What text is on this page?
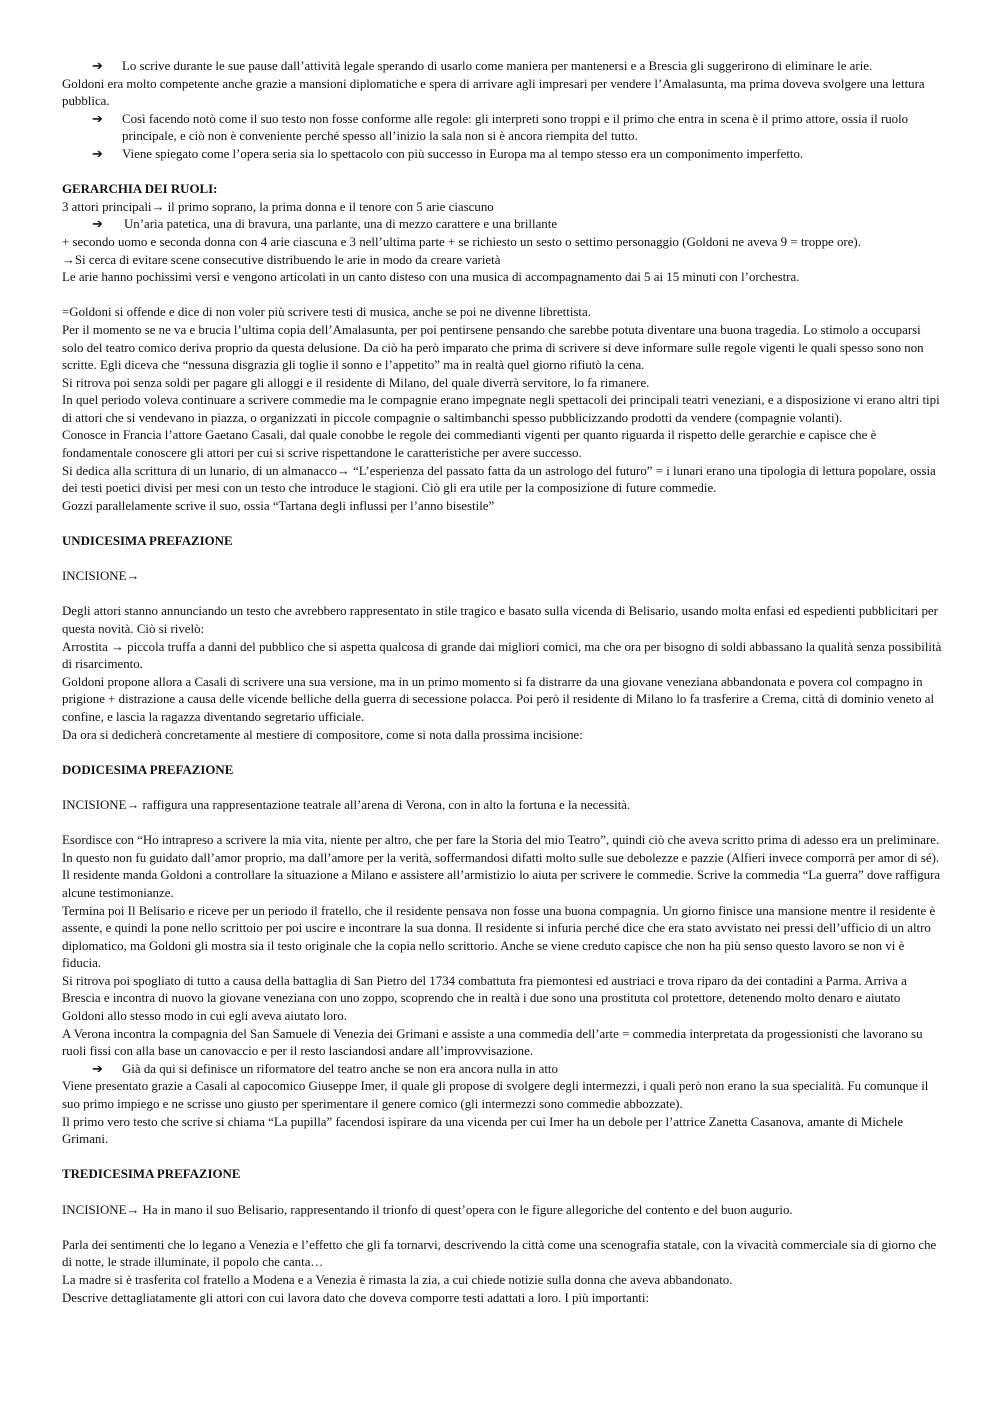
➔ Lo scrive durante le sue pause dall’attività legale sperando di usarlo come maniera per mantenersi e a Brescia gli suggerirono di eliminare le arie.

Goldoni era molto competente anche grazie a mansioni diplomatiche e spera di arrivare agli impresari per vendere l’Amalasunta, ma prima doveva svolgere una lettura pubblica.

➔ Così facendo notò come il suo testo non fosse conforme alle regole: gli interpreti sono troppi e il primo che entra in scena è il primo attore, ossia il ruolo principale, e ciò non è conveniente perché spesso all’inizio la sala non si è ancora riempita del tutto.
➔ Viene spiegato come l’opera seria sia lo spettacolo con più successo in Europa ma al tempo stesso era un componimento imperfetto.
GERARCHIA DEI RUOLI:

3 attori principali→ il primo soprano, la prima donna e il tenore con 5 arie ciascuno

➔ Un’aria patetica, una di bravura, una parlante, una di mezzo carattere e una brillante

+ secondo uomo e seconda donna con 4 arie ciascuna e 3 nell’ultima parte + se richiesto un sesto o settimo personaggio (Goldoni ne aveva 9 = troppe ore).

→Si cerca di evitare scene consecutive distribuendo le arie in modo da creare varietà

Le arie hanno pochissimi versi e vengono articolati in un canto disteso con una musica di accompagnamento dai 5 ai 15 minuti con l’orchestra.

=Goldoni si offende e dice di non voler più scrivere testi di musica, anche se poi ne divenne librettista.

Per il momento se ne va e brucia l’ultima copia dell’Amalasunta, per poi pentirsene pensando che sarebbe potuta diventare una buona tragedia. Lo stimolo a occuparsi solo del teatro comico deriva proprio da questa delusione. Da ciò ha però imparato che prima di scrivere si deve informare sulle regole vigenti le quali spesso sono non scritte. Egli diceva che “nessuna disgrazia gli toglie il sonno e l’appetito” ma in realtà quel giorno rifiutò la cena.

Si ritrova poi senza soldi per pagare gli alloggi e il residente di Milano, del quale diverrà servitore, lo fa rimanere.

In quel periodo voleva continuare a scrivere commedie ma le compagnie erano impegnate negli spettacoli dei principali teatri veneziani, e a disposizione vi erano altri tipi di attori che si vendevano in piazza, o organizzati in piccole compagnie o saltimbanchi spesso pubblicizzando prodotti da vendere (compagnie volanti).

Conosce in Francia l’attore Gaetano Casali, dal quale conobbe le regole dei commedianti vigenti per quanto riguarda il rispetto delle gerarchie e capisce che è fondamentale conoscere gli attori per cui si scrive rispettandone le caratteristiche per avere successo.

Si dedica alla scrittura di un lunario, di un almanacco→ “L’esperienza del passato fatta da un astrologo del futuro” = i lunari erano una tipologia di lettura popolare, ossia dei testi poetici divisi per mesi con un testo che introduce le stagioni. Ciò gli era utile per la composizione di future commedie.

Gozzi parallelamente scrive il suo, ossia “Tartana degli influssi per l’anno bisestile”

UNDICESIMA PREFAZIONE

INCISIONE→

Degli attori stanno annunciando un testo che avrebbero rappresentato in stile tragico e basato sulla vicenda di Belisario, usando molta enfasi ed espedienti pubblicitari per questa novità. Ciò si rivelò:

Arrostita → piccola truffa a danni del pubblico che si aspetta qualcosa di grande dai migliori comici, ma che ora per bisogno di soldi abbassano la qualità senza possibilità di risarcimento.

Goldoni propone allora a Casali di scrivere una sua versione, ma in un primo momento si fa distrarre da una giovane veneziana abbandonata e povera col compagno in prigione + distrazione a causa delle vicende belliche della guerra di secessione polacca. Poi però il residente di Milano lo fa trasferire a Crema, città di dominio veneto al confine, e lascia la ragazza diventando segretario ufficiale.

Da ora si dedicherà concretamente al mestiere di compositore, come si nota dalla prossima incisione:

DODICESIMA PREFAZIONE

INCISIONE→ raffigura una rappresentazione teatrale all’arena di Verona, con in alto la fortuna e la necessità.

Esordisce con “Ho intrapreso a scrivere la mia vita, niente per altro, che per fare la Storia del mio Teatro”, quindi ciò che aveva scritto prima di adesso era un preliminare. In questo non fu guidato dall’amor proprio, ma dall’amore per la verità, soffermandosi difatti molto sulle sue debolezze e pazzie (Alfieri invece comporrà per amor di sé).

Il residente manda Goldoni a controllare la situazione a Milano e assistere all’armistizio lo aiuta per scrivere le commedie. Scrive la commedia “La guerra” dove raffigura alcune testimonianze.

Termina poi Il Belisario e riceve per un periodo il fratello, che il residente pensava non fosse una buona compagnia. Un giorno finisce una mansione mentre il residente è assente, e quindi la pone nello scrittoio per poi uscire e incontrare la sua donna. Il residente si infuria perché dice che era stato avvistato nei pressi dell’ufficio di un altro diplomatico, ma Goldoni gli mostra sia il testo originale che la copia nello scrittorio. Anche se viene creduto capisce che non ha più senso questo lavoro se non vi è fiducia.

Si ritrova poi spogliato di tutto a causa della battaglia di San Pietro del 1734 combattuta fra piemontesi ed austriaci e trova riparo da dei contadini a Parma. Arriva a Brescia e incontra di nuovo la giovane veneziana con uno zoppo, scoprendo che in realtà i due sono una prostituta col protettore, detenendo molto denaro e aiutato Goldoni allo stesso modo in cui egli aveva aiutato loro.

A Verona incontra la compagnia del San Samuele di Venezia dei Grimani e assiste a una commedia dell’arte = commedia interpretata da progessionisti che lavorano su ruoli fissi con alla base un canovaccio e per il resto lasciandosi andare all’improvvisazione.

➔ Già da qui si definisce un riformatore del teatro anche se non era ancora nulla in atto

Viene presentato grazie a Casali al capocomico Giuseppe Imer, il quale gli propose di svolgere degli intermezzi, i quali però non erano la sua specialità. Fu comunque il suo primo impiego e ne scrisse uno giusto per sperimentare il genere comico (gli intermezzi sono commedie abbozzate).

Il primo vero testo che scrive si chiama “La pupilla” facendosi ispirare da una vicenda per cui Imer ha un debole per l’attrice Zanetta Casanova, amante di Michele Grimani.

TREDICESIMA PREFAZIONE

INCISIONE→ Ha in mano il suo Belisario, rappresentando il trionfo di quest’opera con le figure allegoriche del contento e del buon augurio.

Parla dei sentimenti che lo legano a Venezia e l’effetto che gli fa tornarvi, descrivendo la città come una scenografia statale, con la vivacità commerciale sia di giorno che di notte, le strade illuminate, il popolo che canta…

La madre si è trasferita col fratello a Modena e a Venezia è rimasta la zia, a cui chiede notizie sulla donna che aveva abbandonato.

Descrive dettagliatamente gli attori con cui lavora dato che doveva comporre testi adattati a loro. I più importanti:
